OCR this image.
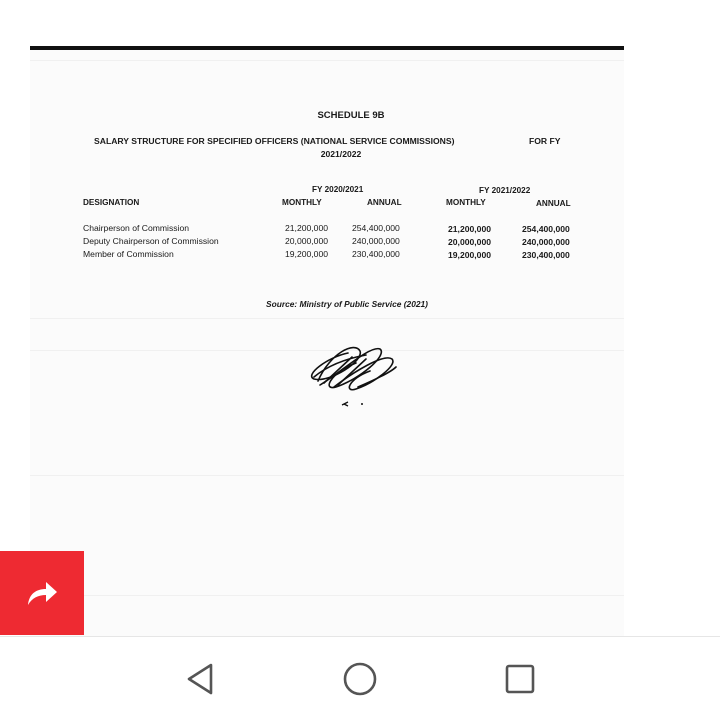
SCHEDULE 9B
SALARY STRUCTURE FOR SPECIFIED OFFICERS (NATIONAL SERVICE COMMISSIONS)	FOR FY
2021/2022
DESIGNATION
FY 2020/2021	FY 2021/2022
MONTHLY	ANNUAL	MONTHLY	ANNUAL
Chairperson of Commission	21,200,000	254,400,000	21,200,000	254,400,000
Deputy Chairperson of Commission	20,000,000	240,000,000	20,000,000	240,000,000
Member of Commission	19,200,000	230,400,000	19,200,000	230,400,000
Source: Ministry of Public Service (2021)
